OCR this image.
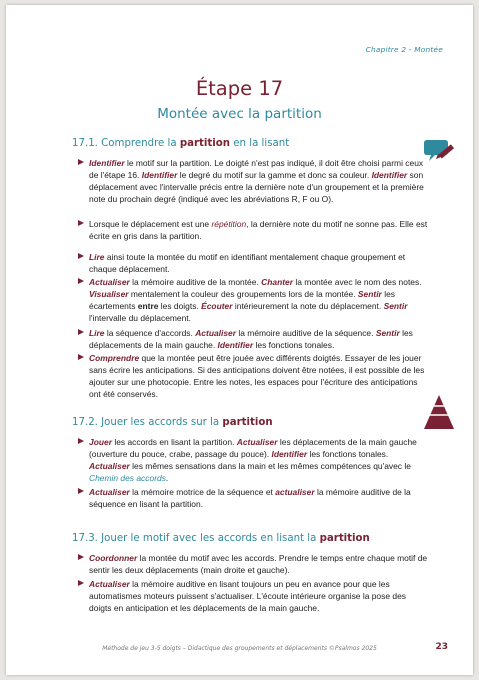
Chapitre 2 - Montée
Étape 17
Montée avec la partition
17.1. Comprendre la partition en la lisant
Identifier le motif sur la partition. Le doigté n'est pas indiqué, il doit être choisi parmi ceux de l'étape 16. Identifier le degré du motif sur la gamme et donc sa couleur. Identifier son déplacement avec l'intervalle précis entre la dernière note d'un groupement et la première note du prochain degré (indiqué avec les abréviations R, F ou O).
Lorsque le déplacement est une répétition, la dernière note du motif ne sonne pas. Elle est écrite en gris dans la partition.
Lire ainsi toute la montée du motif en identifiant mentalement chaque groupement et chaque déplacement.
Actualiser la mémoire auditive de la montée. Chanter la montée avec le nom des notes. Visualiser mentalement la couleur des groupements lors de la montée. Sentir les écartements entre les doigts. Écouter intérieurement la note du déplacement. Sentir l'intervalle du déplacement.
Lire la séquence d'accords. Actualiser la mémoire auditive de la séquence. Sentir les déplacements de la main gauche. Identifier les fonctions tonales.
Comprendre que la montée peut être jouée avec différents doigtés. Essayer de les jouer sans écrire les anticipations. Si des anticipations doivent être notées, il est possible de les ajouter sur une photocopie. Entre les notes, les espaces pour l'écriture des anticipations ont été conservés.
17.2. Jouer les accords sur la partition
Jouer les accords en lisant la partition. Actualiser les déplacements de la main gauche (ouverture du pouce, crabe, passage du pouce). Identifier les fonctions tonales. Actualiser les mêmes sensations dans la main et les mêmes compétences qu'avec le Chemin des accords.
Actualiser la mémoire motrice de la séquence et actualiser la mémoire auditive de la séquence en lisant la partition.
17.3. Jouer le motif avec les accords en lisant la partition
Coordonner la montée du motif avec les accords. Prendre le temps entre chaque motif de sentir les deux déplacements (main droite et gauche).
Actualiser la mémoire auditive en lisant toujours un peu en avance pour que les automatismes moteurs puissent s'actualiser. L'écoute intérieure organise la pose des doigts en anticipation et les déplacements de la main gauche.
Méthode de jeu 3-5 doigts – Didactique des groupements et déplacements ©Psalmos 2025	23
